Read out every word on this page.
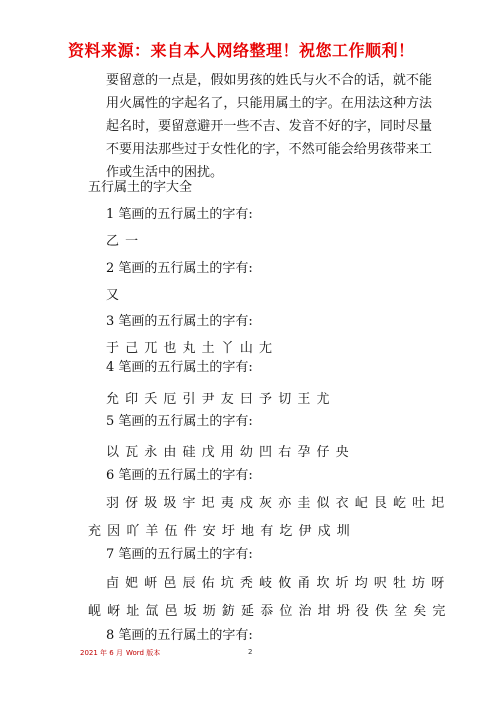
资料来源：来自本人网络整理！祝您工作顺利！
要留意的一点是，假如男孩的姓氏与火不合的话，就不能用火属性的字起名了，只能用属土的字。在用法这种方法起名时，要留意避开一些不吉、发音不好的字，同时尽量不要用法那些过于女性化的字，不然可能会给男孩带来工作或生活中的困扰。
五行属土的字大全
1 笔画的五行属土的字有:
乙 一
2 笔画的五行属土的字有:
又
3 笔画的五行属土的字有:
于 己 兀 也 丸 土 丫 山 尢
4 笔画的五行属土的字有:
允 印 夭 厄 引 尹 友 曰 予 切 王 尤
5 笔画的五行属土的字有:
以 瓦 永 由 硅 戊 用 幼 凹 右 孕 仔 央
6 笔画的五行属土的字有:
羽 伢 圾 圾 宇 圯 夷 戍 灰 亦 圭 似 衣 屺 艮 屹 吐 圯
充 因 吖 羊 伍 件 安 圩 地 有 圪 伊 戍 圳
7 笔画的五行属土的字有:
卣 妑 岍 邑 辰 佑 坑 秃 岐 攸 甬 坎 圻 均 呎 牡 坊 呀
岘 岈 址 氙 邑 坂 坜 鈁 延 忝 位 治 坩 坍 役 佚 坌 矣 完
8 笔画的五行属土的字有:
2021 年 6 月 Word 版本	2
